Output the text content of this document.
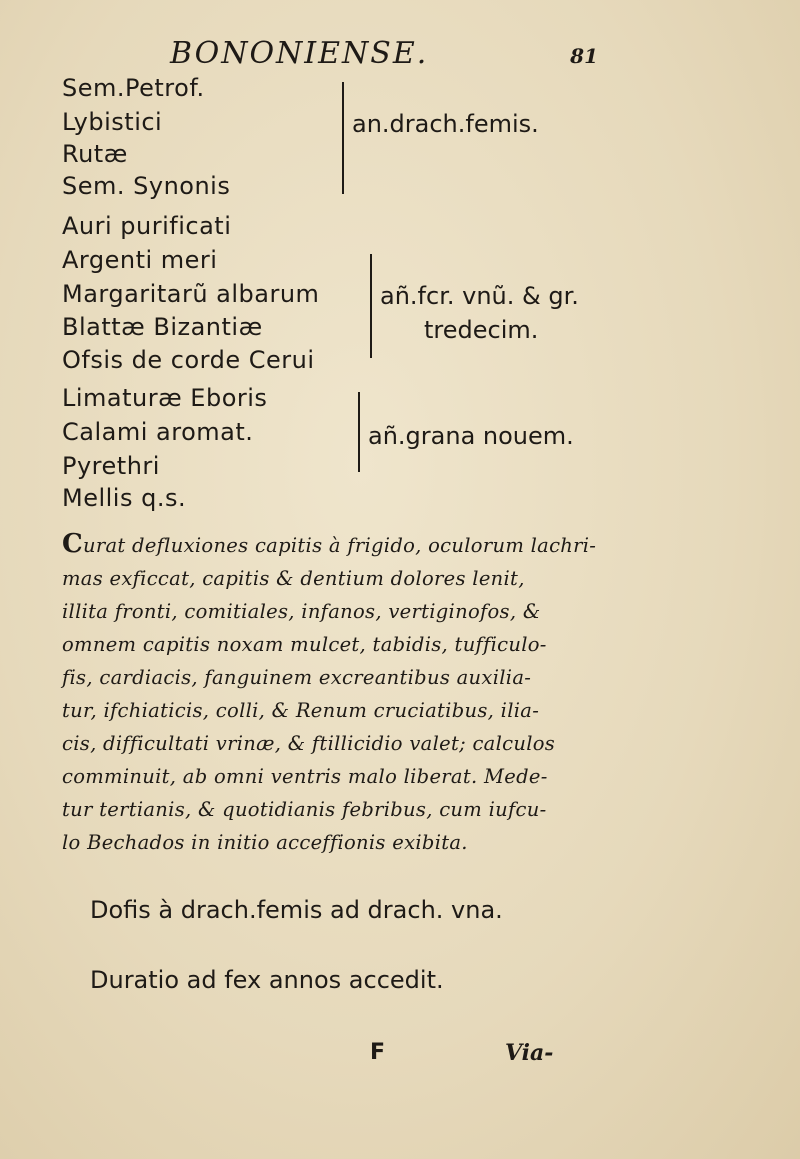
BONONIENSE.	81
Sem.Petrof.
Lybistici
Rutæ
Sem. Synonis
an.drach.femis.
Auri purificati
Argenti meri
Margaritarũ albarum
Blattæ Bizantiæ
Ofsis de corde Cerui
añ.fcr. vnũ. & gr.
tredecim.
Limaturæ Eboris
Calami aromat.
Pyrethri
añ.grana nouem.
Mellis q.s.
Curat defluxiones capitis à frigido, oculorum lachri-
mas exficcat, capitis & dentium dolores lenit,
illita fronti, comitiales, infanos, vertiginofos, &
omnem capitis noxam mulcet, tabidis, tufficulo-
fis, cardiacis, fanguinem excreantibus auxilia-
tur, ifchiaticis, colli, & Renum cruciatibus, ilia-
cis, difficultati vrinæ, & ftillicidio valet; calculos
comminuit, ab omni ventris malo liberat. Mede-
tur tertianis, & quotidianis febribus, cum iufcu-
lo Bechados in initio acceffionis exibita.
Dofis à drach.femis ad drach. vna.
Duratio ad fex annos accedit.
F	Via-
